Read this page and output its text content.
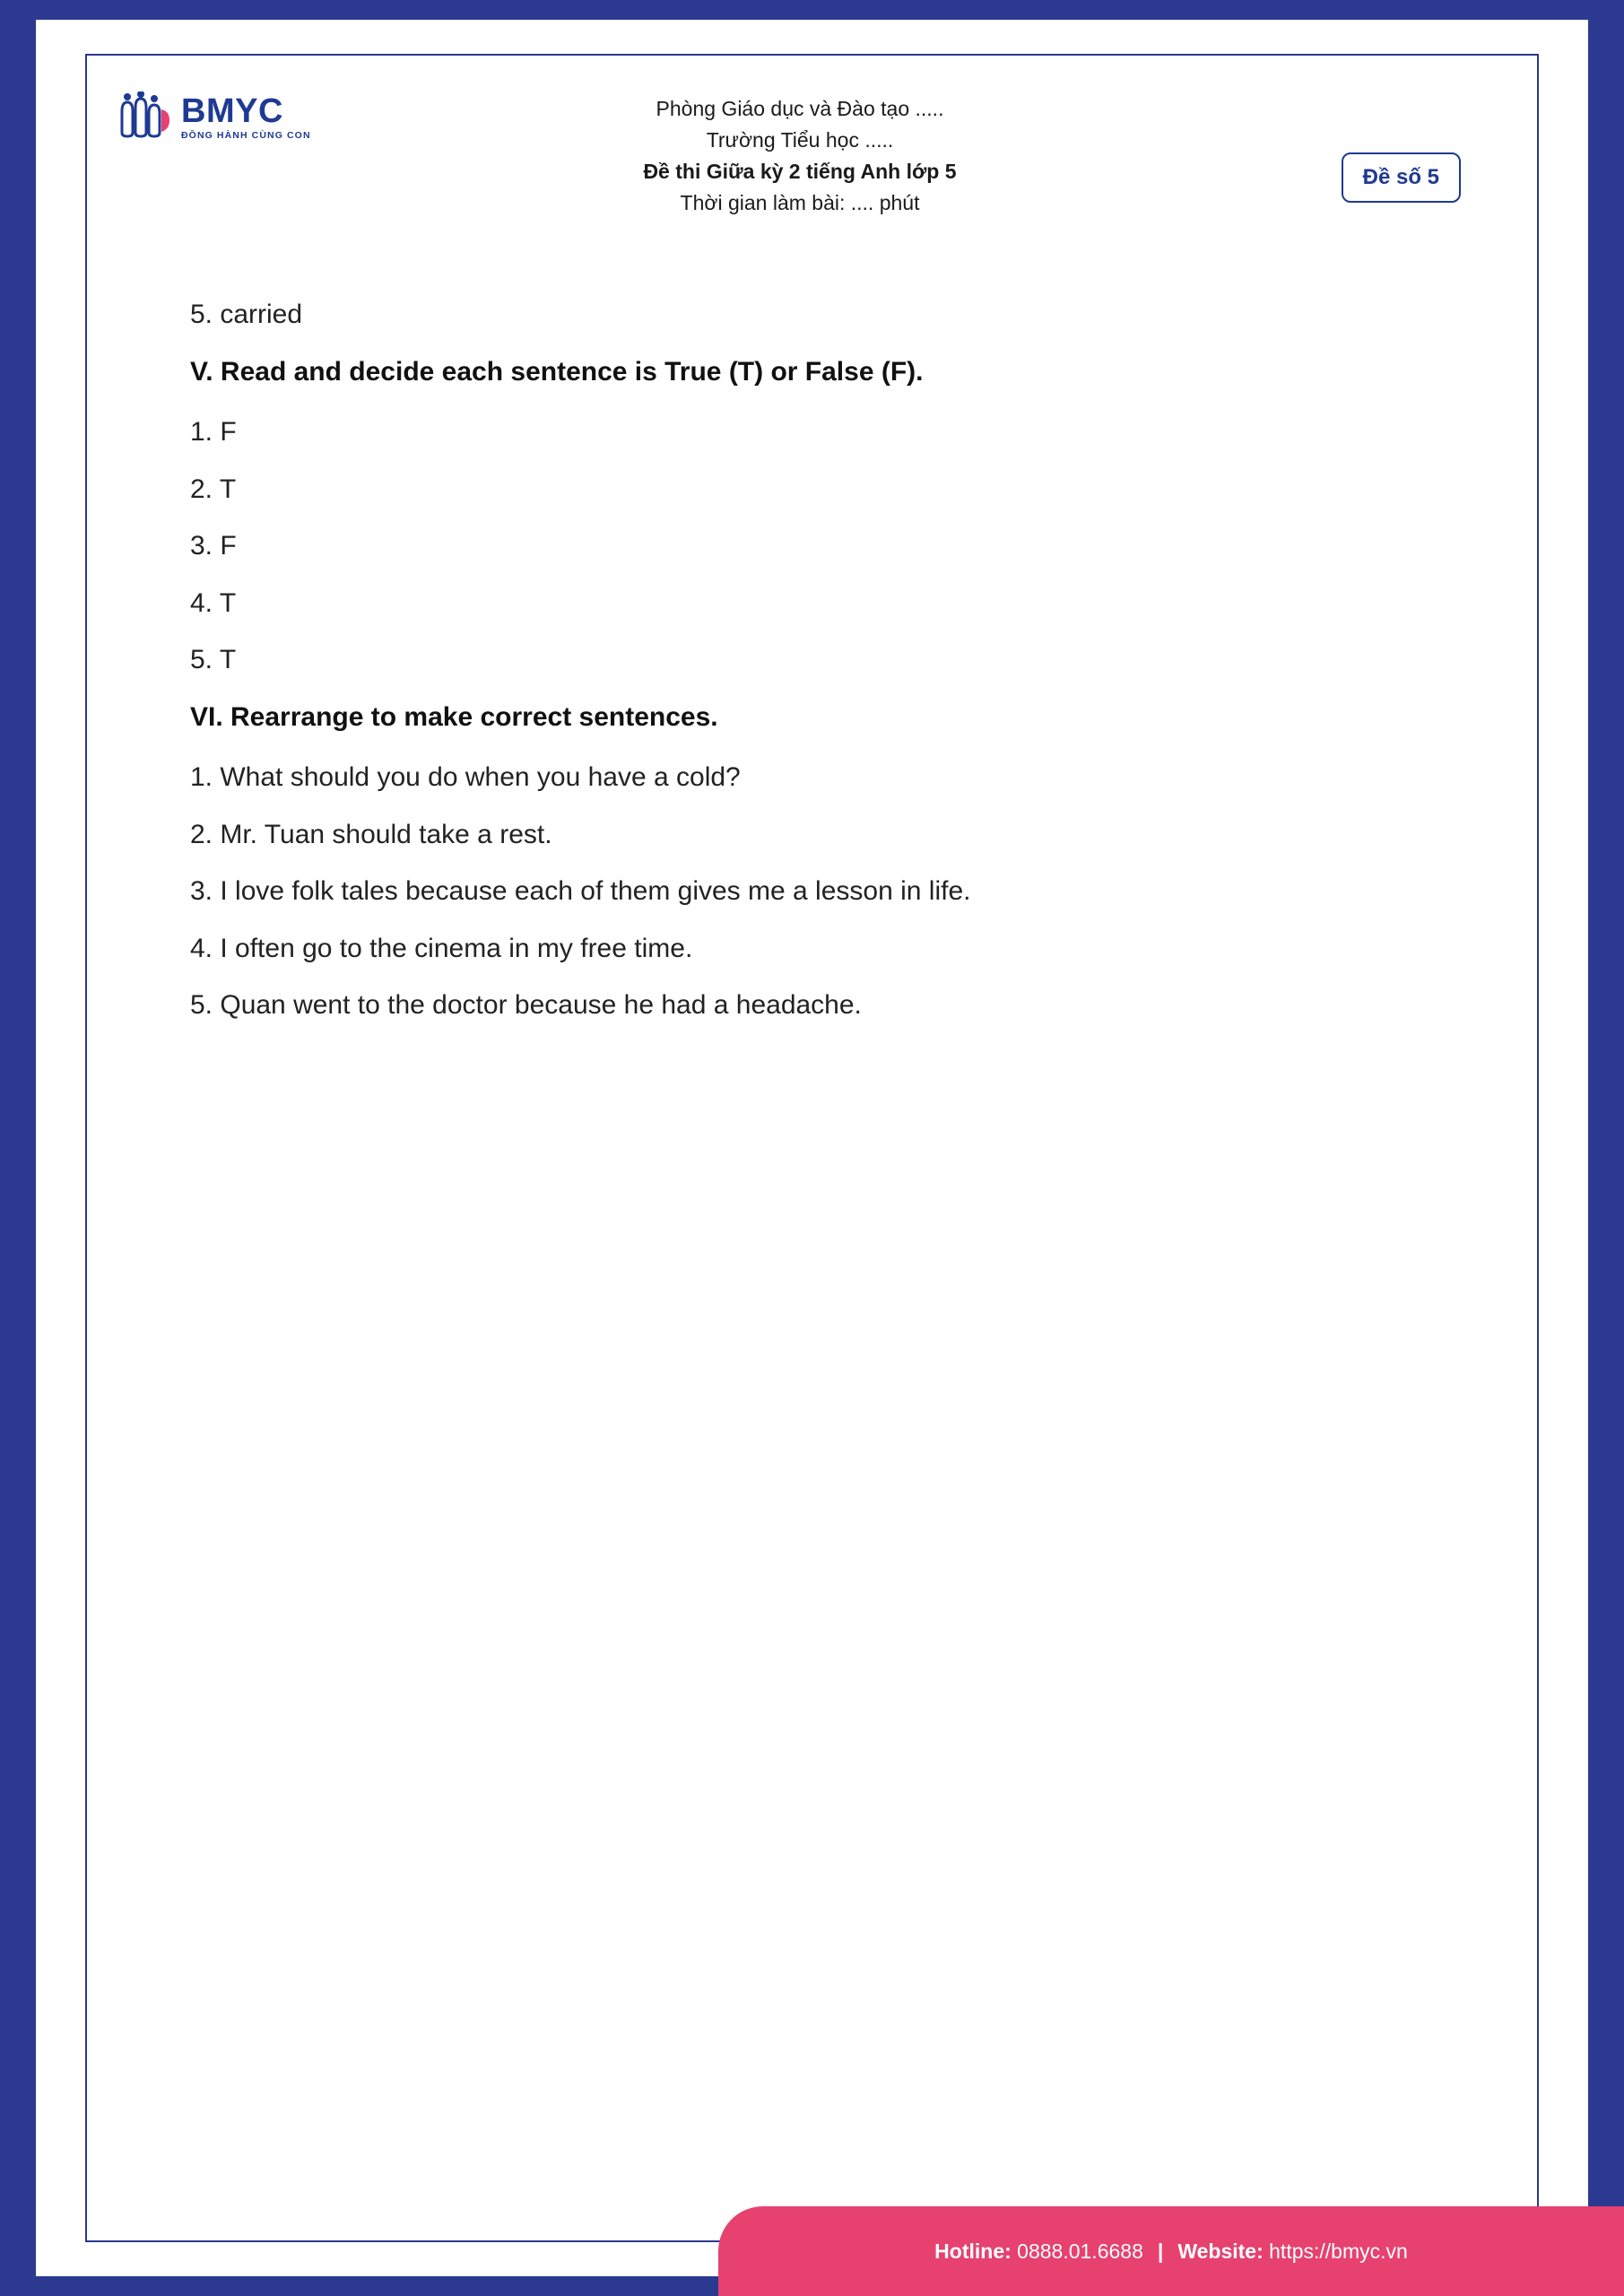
BMYC
ĐỒNG HÀNH CÙNG CON
Phòng Giáo dục và Đào tạo .....
Trường Tiểu học .....
Đề thi Giữa kỳ 2 tiếng Anh lớp 5
Thời gian làm bài: .... phút
Đề số 5

5. carried

V. Read and decide each sentence is True (T) or False (F).

1. F

2. T

3. F

4. T

5. T

VI. Rearrange to make correct sentences.

1. What should you do when you have a cold?

2. Mr. Tuan should take a rest.

3. I love folk tales because each of them gives me a lesson in life.

4. I often go to the cinema in my free time.

5. Quan went to the doctor because he had a headache.

Hotline:
0888.01.6688 | Website:
https://bmyc.vn
